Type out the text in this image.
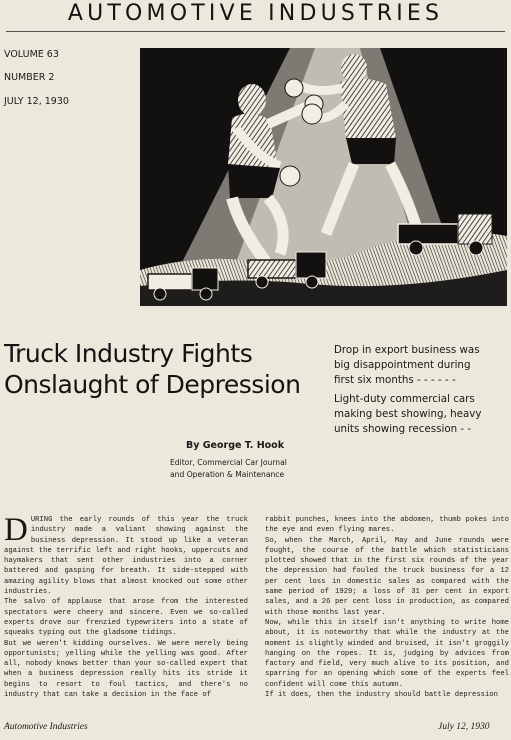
AUTOMOTIVE INDUSTRIES
VOLUME 63
NUMBER 2
JULY 12, 1930
Truck Industry Fights
Onslaught of Depression
Drop in export business was
big disappointment during
first six months - - - - - -
Light-duty commercial cars
making best showing, heavy
units showing recession - -
By George T. Hook
Editor, Commercial Car Journal
and Operation & Maintenance

DURING the early rounds of this year the truck industry made a valiant showing against the business depression. It stood up like a veteran against the terrific left and right hooks, uppercuts and haymakers that sent other industries into a corner battered and gasping for breath. It side-stepped with amazing agility blows that almost knocked out some other industries.

The salvo of applause that arose from the interested spectators were cheery and sincere. Even we so-called experts drove our frenzied typewriters into a state of squeaks typing out the gladsome tidings.

But we weren't kidding ourselves. We were merely being opportunists; yelling while the yelling was good. After all, nobody knows better than your so-called expert that when a business depression really hits its stride it begins to resort to foul tactics, and there's no industry that can take a decision in the face of

rabbit punches, knees into the abdomen, thumb pokes into the eye and even flying mares.

So, when the March, April, May and June rounds were fought, the course of the battle which statisticians plotted showed that in the first six rounds of the year the depression had fouled the truck business for a 12 per cent loss in domestic sales as compared with the same period of 1929; a loss of 31 per cent in export sales, and a 26 per cent loss in production, as compared with those months last year.

Now, while this in itself isn't anything to write home about, it is noteworthy that while the industry at the moment is slightly winded and bruised, it isn't groggily hanging on the ropes. It is, judging by advices from factory and field, very much alive to its position, and sparring for an opening which some of the experts feel confident will come this autumn.

If it does, then the industry should battle depression

Automotive Industries	July 12, 1930
